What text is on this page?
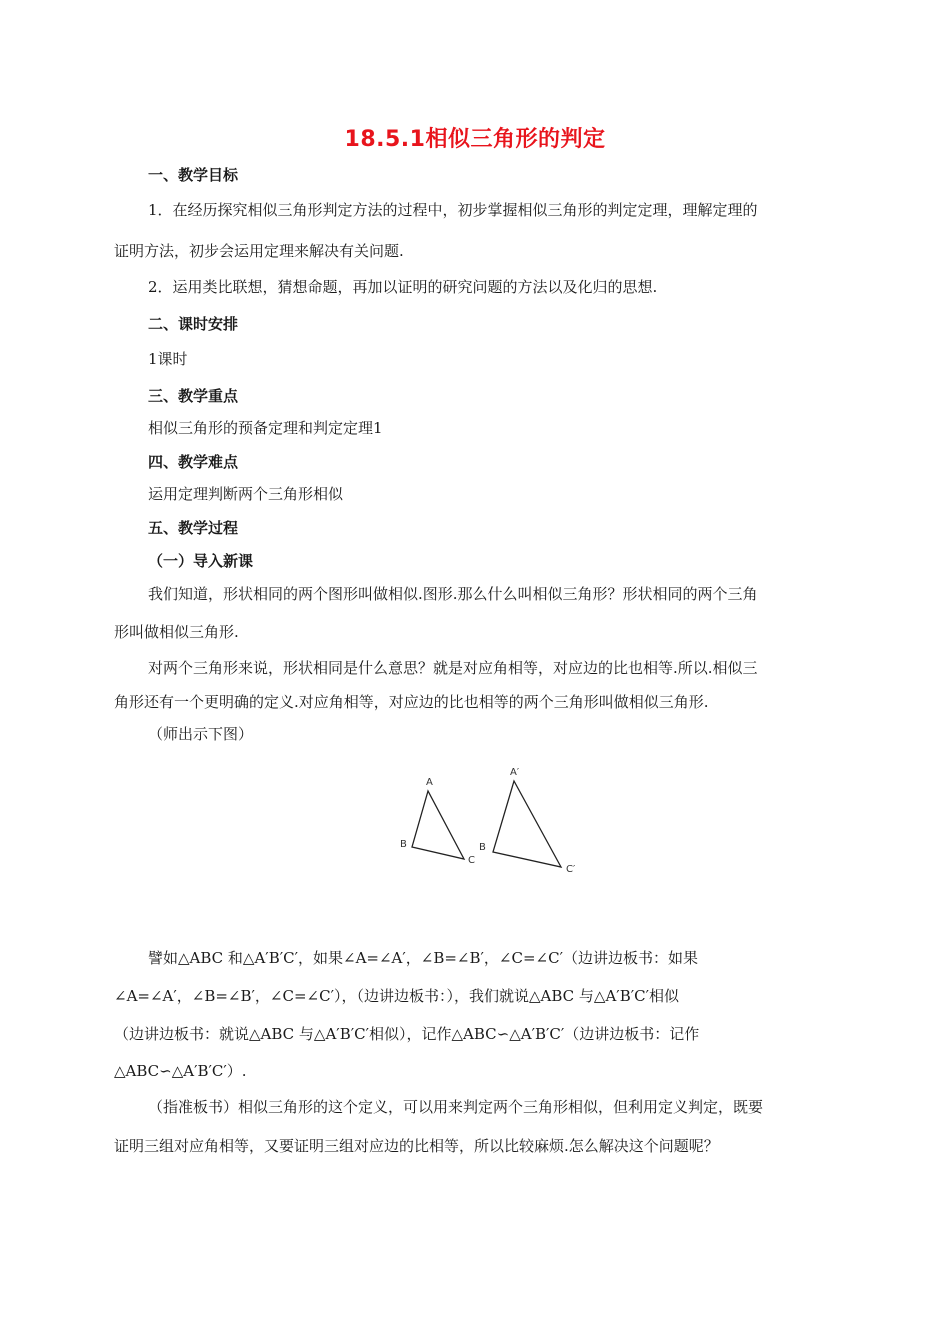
18.5.1相似三角形的判定
一、教学目标
1．在经历探究相似三角形判定方法的过程中，初步掌握相似三角形的判定定理，理解定理的
证明方法，初步会运用定理来解决有关问题.
2．运用类比联想，猜想命题，再加以证明的研究问题的方法以及化归的思想.
二、课时安排
1课时
三、教学重点
相似三角形的预备定理和判定定理1
四、教学难点
运用定理判断两个三角形相似
五、教学过程
（一）导入新课
我们知道，形状相同的两个图形叫做相似.图形.那么什么叫相似三角形？形状相同的两个三角
形叫做相似三角形.
对两个三角形来说，形状相同是什么意思？就是对应角相等，对应边的比也相等.所以.相似三
角形还有一个更明确的定义.对应角相等，对应边的比也相等的两个三角形叫做相似三角形.
（师出示下图）
A
B
C
A′
B
C′
譬如△ABC 和△A′B′C′，如果∠A=∠A′，∠B=∠B′，∠C=∠C′（边讲边板书：如果
∠A=∠A′，∠B=∠B′，∠C=∠C′），（边讲边板书：），我们就说△ABC 与△A′B′C′相似
（边讲边板书：就说△ABC 与△A′B′C′相似），记作△ABC∽△A′B′C′（边讲边板书：记作
△ABC∽△A′B′C′）.
（指准板书）相似三角形的这个定义，可以用来判定两个三角形相似，但利用定义判定，既要
证明三组对应角相等，又要证明三组对应边的比相等，所以比较麻烦.怎么解决这个问题呢？
